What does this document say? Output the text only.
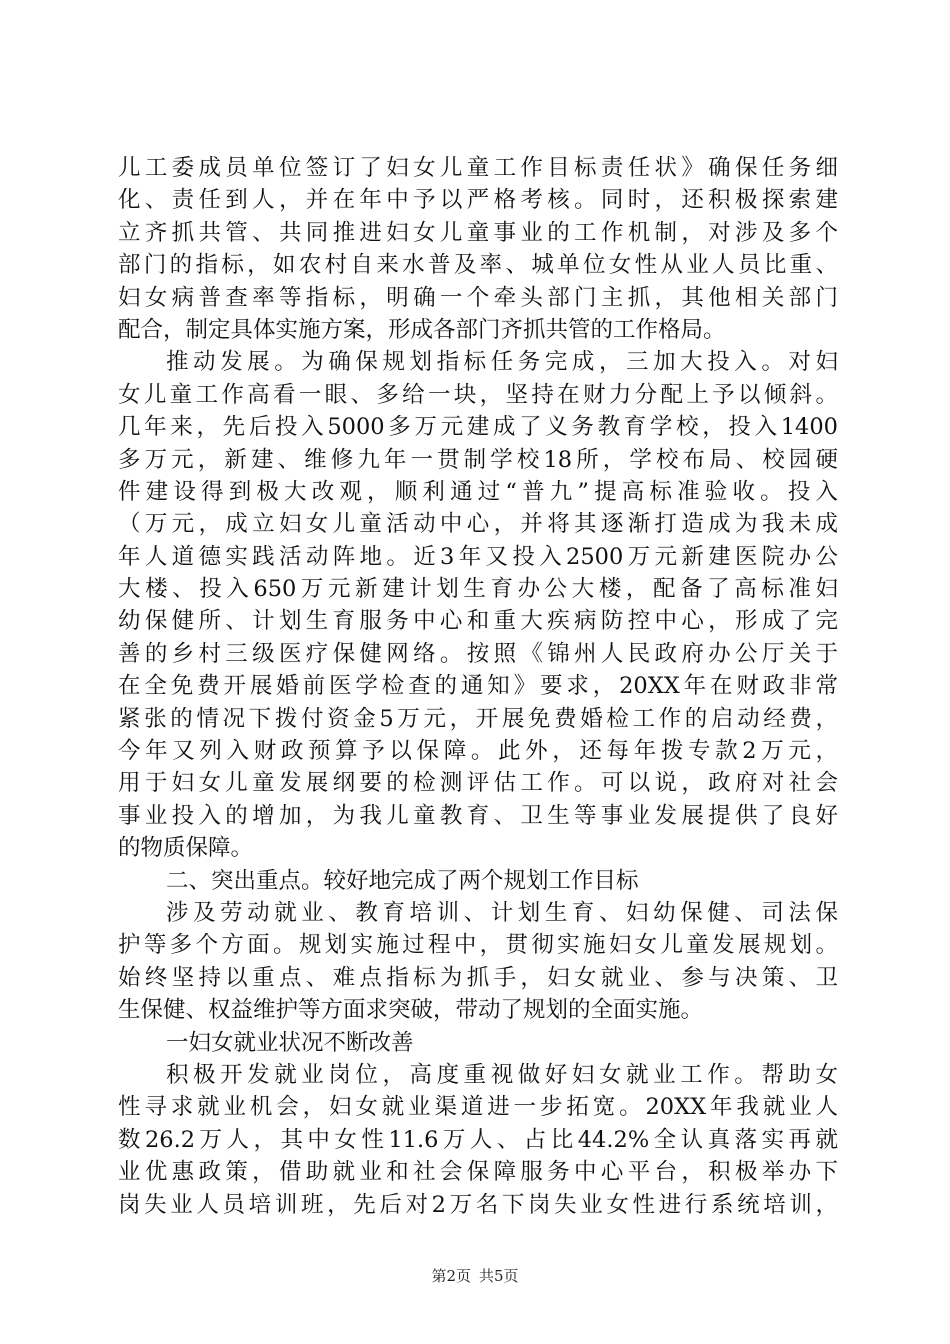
儿工委成员单位签订了妇女儿童工作目标责任状》确保任务细
化、责任到人，并在年中予以严格考核。同时，还积极探索建
立齐抓共管、共同推进妇女儿童事业的工作机制，对涉及多个
部门的指标，如农村自来水普及率、城单位女性从业人员比重、
妇女病普查率等指标，明确一个牵头部门主抓，其他相关部门
配合，制定具体实施方案，形成各部门齐抓共管的工作格局。
推动发展。为确保规划指标任务完成，三加大投入。对妇
女儿童工作高看一眼、多给一块，坚持在财力分配上予以倾斜。
几年来，先后投入5000多万元建成了义务教育学校，投入1400
多万元，新建、维修九年一贯制学校18所，学校布局、校园硬
件建设得到极大改观，顺利通过“普九”提高标准验收。投入
（万元，成立妇女儿童活动中心，并将其逐渐打造成为我未成
年人道德实践活动阵地。近3年又投入2500万元新建医院办公
大楼、投入650万元新建计划生育办公大楼，配备了高标准妇
幼保健所、计划生育服务中心和重大疾病防控中心，形成了完
善的乡村三级医疗保健网络。按照《锦州人民政府办公厅关于
在全免费开展婚前医学检查的通知》要求，20XX年在财政非常
紧张的情况下拨付资金5万元，开展免费婚检工作的启动经费，
今年又列入财政预算予以保障。此外，还每年拨专款2万元，
用于妇女儿童发展纲要的检测评估工作。可以说，政府对社会
事业投入的增加，为我儿童教育、卫生等事业发展提供了良好
的物质保障。
二、突出重点。较好地完成了两个规划工作目标
涉及劳动就业、教育培训、计划生育、妇幼保健、司法保
护等多个方面。规划实施过程中，贯彻实施妇女儿童发展规划。
始终坚持以重点、难点指标为抓手，妇女就业、参与决策、卫
生保健、权益维护等方面求突破，带动了规划的全面实施。
一妇女就业状况不断改善
积极开发就业岗位，高度重视做好妇女就业工作。帮助女
性寻求就业机会，妇女就业渠道进一步拓宽。20XX年我就业人
数26.2万人，其中女性11.6万人、占比44.2%全认真落实再就
业优惠政策，借助就业和社会保障服务中心平台，积极举办下
岗失业人员培训班，先后对2万名下岗失业女性进行系统培训，
第2页 共5页
